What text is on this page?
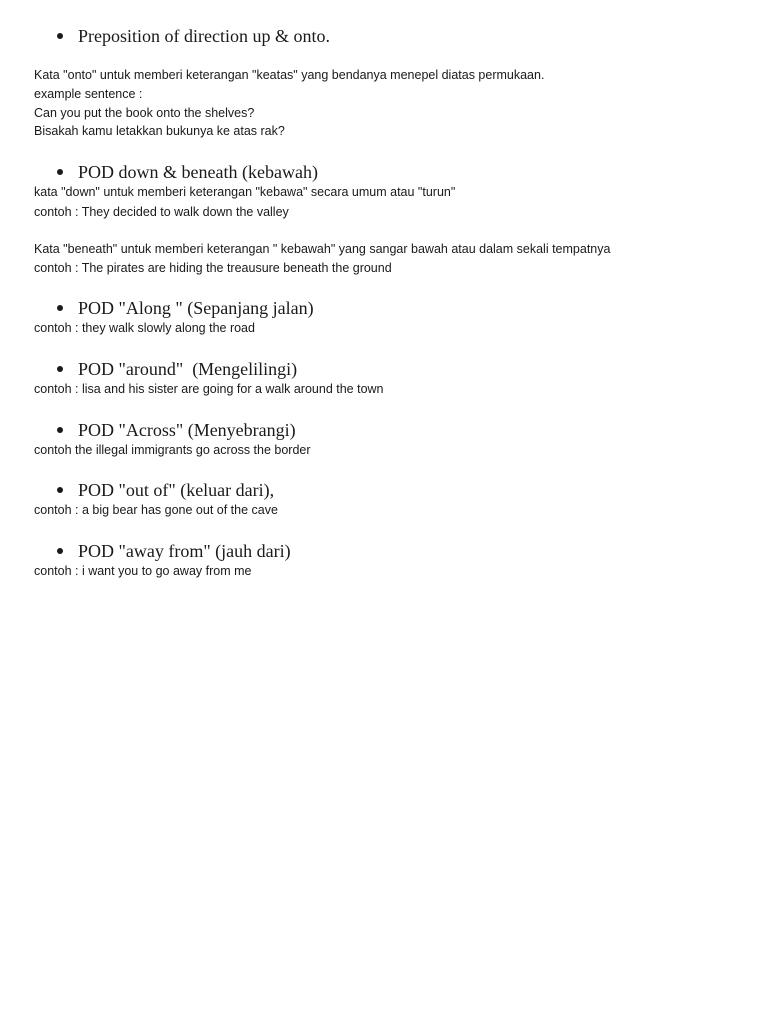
Preposition of direction up & onto.
Kata "onto" untuk memberi keterangan "keatas" yang bendanya menepel diatas permukaan.
example sentence :
Can you put the book onto the shelves?
Bisakah kamu letakkan bukunya ke atas rak?
POD down & beneath (kebawah)
kata "down" untuk memberi keterangan "kebawa" secara umum atau "turun"
contoh : They decided to walk down the valley
Kata "beneath" untuk memberi keterangan " kebawah" yang sangar bawah atau dalam sekali tempatnya
contoh : The pirates are hiding the treausure beneath the ground
POD "Along " (Sepanjang jalan)
contoh : they walk slowly along the road
POD "around"  (Mengelilingi)
contoh : lisa and his sister are going for a walk around the town
POD "Across" (Menyebrangi)
contoh the illegal immigrants go across the border
POD "out of" (keluar dari),
contoh : a big bear has gone out of the cave
POD "away from" (jauh dari)
contoh : i want you to go away from me
